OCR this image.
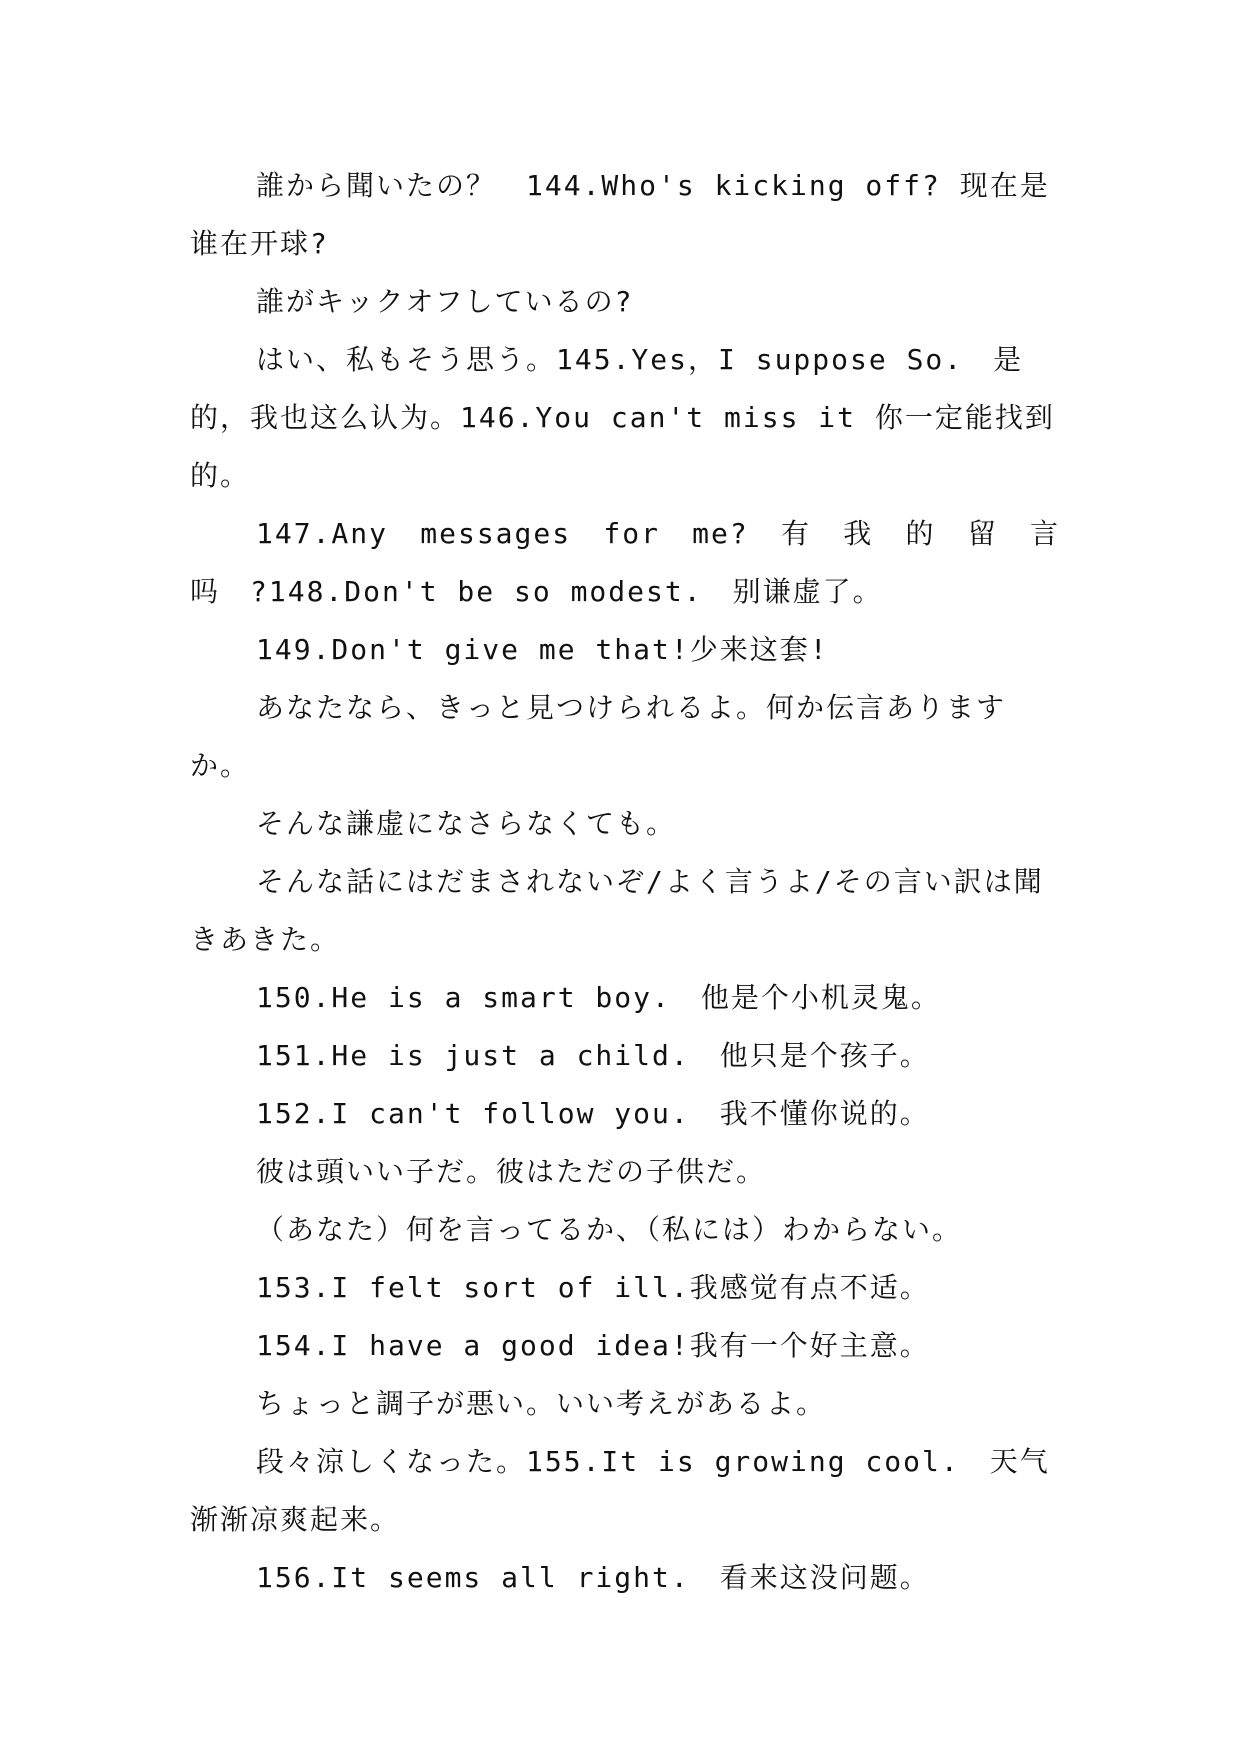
誰から聞いたの？　144.Who's kicking off? 现在是谁在开球?

誰がキックオフしているの?

はい、私もそう思う。145.Yes，I suppose So.　是的，我也这么认为。146.You can't miss it 你一定能找到的。

147.Any　messages　for　me?　有　我　的　留　言　吗　?148.Don't be so modest.　别谦虚了。

149.Don't give me that!少来这套!

あなたなら、きっと見つけられるよ。何か伝言ありますか。

そんな謙虚になさらなくても。

そんな話にはだまされないぞ/よく言うよ/その言い訳は聞きあきた。

150.He is a smart boy.　他是个小机灵鬼。

151.He is just a child.　他只是个孩子。

152.I can't follow you.　我不懂你说的。

彼は頭いい子だ。彼はただの子供だ。

（あなた）何を言ってるか、（私には）わからない。

153.I felt sort of ill.我感觉有点不适。

154.I have a good idea!我有一个好主意。

ちょっと調子が悪い。いい考えがあるよ。

段々涼しくなった。155.It is growing cool.　天气渐渐凉爽起来。

156.It seems all right.　看来这没问题。
